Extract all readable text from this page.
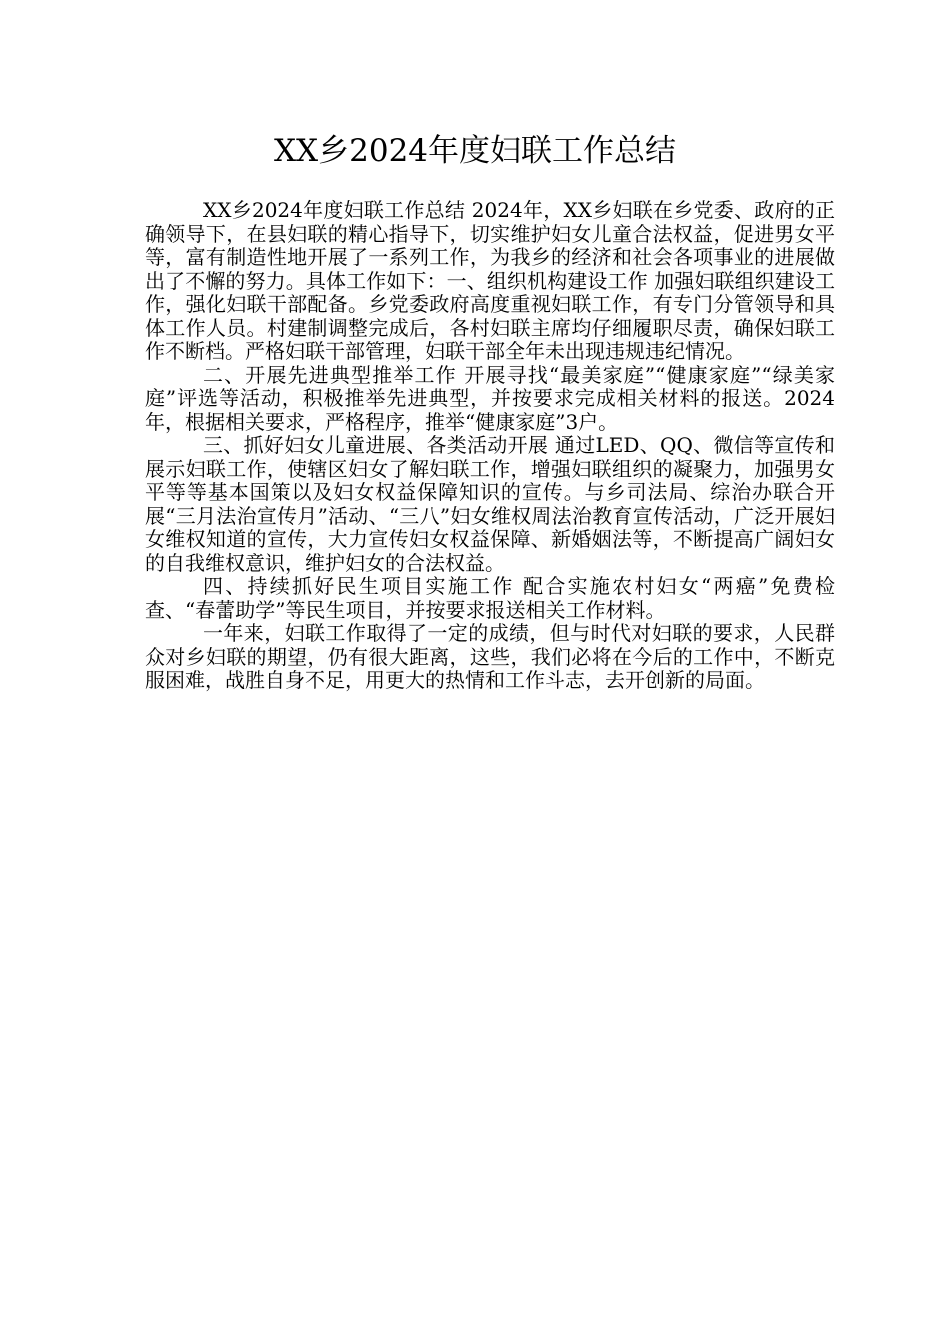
XX乡2024年度妇联工作总结

XX乡2024年度妇联工作总结 2024年，XX乡妇联在乡党委、政府的正确领导下，在县妇联的精心指导下，切实维护妇女儿童合法权益，促进男女平等，富有制造性地开展了一系列工作，为我乡的经济和社会各项事业的进展做出了不懈的努力。具体工作如下：一、组织机构建设工作 加强妇联组织建设工作，强化妇联干部配备。乡党委政府高度重视妇联工作，有专门分管领导和具体工作人员。村建制调整完成后，各村妇联主席均仔细履职尽责，确保妇联工作不断档。严格妇联干部管理，妇联干部全年未出现违规违纪情况。

二、开展先进典型推举工作 开展寻找“最美家庭”“健康家庭”“绿美家庭”评选等活动，积极推举先进典型，并按要求完成相关材料的报送。2024年，根据相关要求，严格程序，推举“健康家庭”3户。

三、抓好妇女儿童进展、各类活动开展 通过LED、QQ、微信等宣传和展示妇联工作，使辖区妇女了解妇联工作，增强妇联组织的凝聚力，加强男女平等等基本国策以及妇女权益保障知识的宣传。与乡司法局、综治办联合开展“三月法治宣传月”活动、“三八”妇女维权周法治教育宣传活动，广泛开展妇女维权知道的宣传，大力宣传妇女权益保障、新婚姻法等，不断提高广阔妇女的自我维权意识，维护妇女的合法权益。

四、持续抓好民生项目实施工作 配合实施农村妇女“两癌”免费检查、“春蕾助学”等民生项目，并按要求报送相关工作材料。

一年来，妇联工作取得了一定的成绩，但与时代对妇联的要求，人民群众对乡妇联的期望，仍有很大距离，这些，我们必将在今后的工作中，不断克服困难，战胜自身不足，用更大的热情和工作斗志，去开创新的局面。
